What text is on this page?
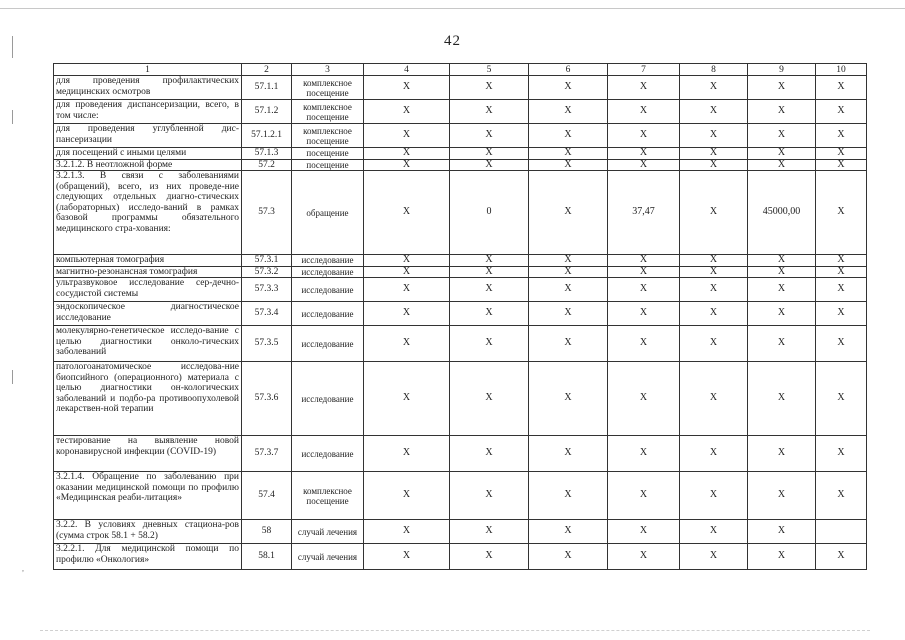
,
42
1	2	3	4	5	6	7	8	9	10
для проведения профилактических медицинских осмотров	57.1.1	комплексное посещение	Х	Х	Х	Х	Х	Х	Х
для проведения диспансеризации, всего, в том числе:	57.1.2	комплексное посещение	Х	Х	Х	Х	Х	Х	Х
для проведения углубленной дис-пансеризации	57.1.2.1	комплексное посещение	Х	Х	Х	Х	Х	Х	Х
для посещений с иными целями	57.1.3	посещение	Х	Х	Х	Х	Х	Х	Х
3.2.1.2. В неотложной форме	57.2	посещение	Х	Х	Х	Х	Х	Х	Х
3.2.1.3. В связи с заболеваниями (обращений), всего, из них проведе-ние следующих отдельных диагно-стических (лабораторных) исследо-ваний в рамках базовой программы обязательного медицинского стра-хования:	57.3	обращение	Х	0	Х	37,47	Х	45000,00	Х
компьютерная томография	57.3.1	исследование	Х	Х	Х	Х	Х	Х	Х
магнитно-резонансная томография	57.3.2	исследование	Х	Х	Х	Х	Х	Х	Х
ультразвуковое исследование сер-дечно-сосудистой системы	57.3.3	исследование	Х	Х	Х	Х	Х	Х	Х
эндоскопическое диагностическое исследование	57.3.4	исследование	Х	Х	Х	Х	Х	Х	Х
молекулярно-генетическое исследо-вание с целью диагностики онколо-гических заболеваний	57.3.5	исследование	Х	Х	Х	Х	Х	Х	Х
патологоанатомическое исследова-ние биопсийного (операционного) материала с целью диагностики он-кологических заболеваний и подбо-ра противоопухолевой лекарствен-ной терапии	57.3.6	исследование	Х	Х	Х	Х	Х	Х	Х
тестирование на выявление новой коронавирусной инфекции (COVID-19)	57.3.7	исследование	Х	Х	Х	Х	Х	Х	Х
3.2.1.4. Обращение по заболеванию при оказании медицинской помощи по профилю «Медицинская реаби-литация»	57.4	комплексное посещение	Х	Х	Х	Х	Х	Х	Х
3.2.2. В условиях дневных стациона-ров (сумма строк 58.1 + 58.2)	58	случай лечения	Х	Х	Х	Х	Х	Х	
3.2.2.1. Для медицинской помощи по профилю «Онкология»	58.1	случай лечения	Х	Х	Х	Х	Х	Х	Х
